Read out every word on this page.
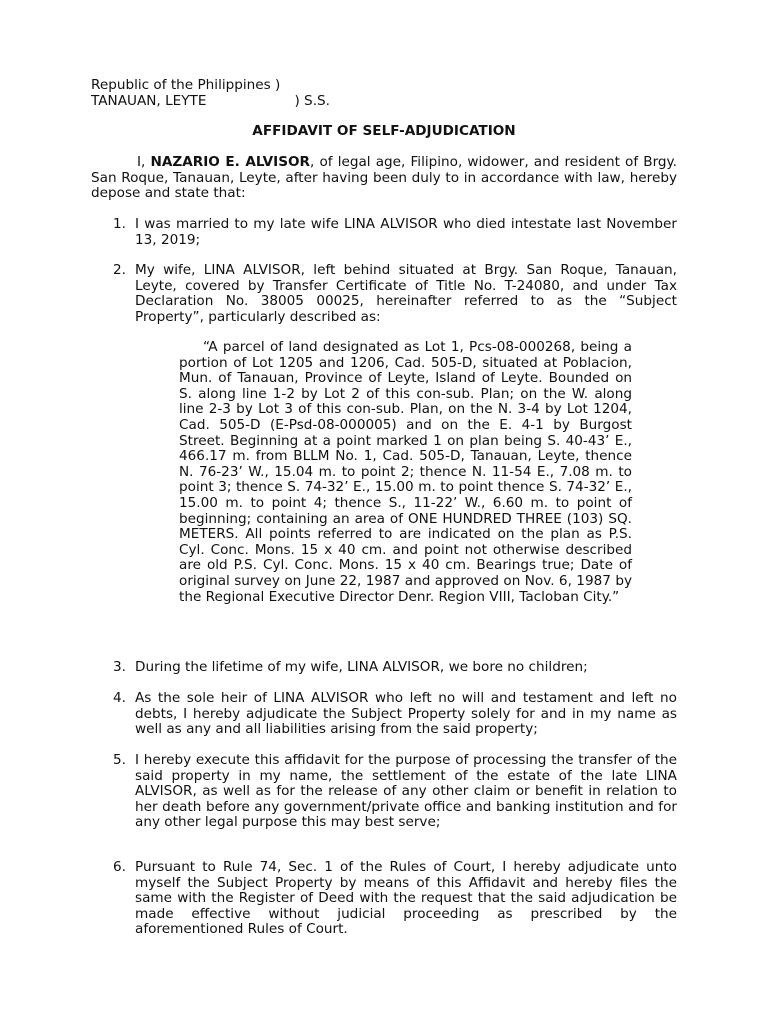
Republic of the Philippines )
TANAUAN, LEYTE	) S.S.
AFFIDAVIT OF SELF-ADJUDICATION
I, NAZARIO E. ALVISOR, of legal age, Filipino, widower, and resident of Brgy. San Roque, Tanauan, Leyte, after having been duly to in accordance with law, hereby depose and state that:
1. I was married to my late wife LINA ALVISOR who died intestate last November 13, 2019;
2. My wife, LINA ALVISOR, left behind situated at Brgy. San Roque, Tanauan, Leyte, covered by Transfer Certificate of Title No. T-24080, and under Tax Declaration No. 38005 00025, hereinafter referred to as the “Subject Property”, particularly described as:
“A parcel of land designated as Lot 1, Pcs-08-000268, being a portion of Lot 1205 and 1206, Cad. 505-D, situated at Poblacion, Mun. of Tanauan, Province of Leyte, Island of Leyte. Bounded on S. along line 1-2 by Lot 2 of this con-sub. Plan; on the W. along line 2-3 by Lot 3 of this con-sub. Plan, on the N. 3-4 by Lot 1204, Cad. 505-D (E-Psd-08-000005) and on the E. 4-1 by Burgost Street. Beginning at a point marked 1 on plan being S. 40-43’ E., 466.17 m. from BLLM No. 1, Cad. 505-D, Tanauan, Leyte, thence N. 76-23’ W., 15.04 m. to point 2; thence N. 11-54 E., 7.08 m. to point 3; thence S. 74-32’ E., 15.00 m. to point thence S. 74-32’ E., 15.00 m. to point 4; thence S., 11-22’ W., 6.60 m. to point of beginning; containing an area of ONE HUNDRED THREE (103) SQ. METERS. All points referred to are indicated on the plan as P.S. Cyl. Conc. Mons. 15 x 40 cm. and point not otherwise described are old P.S. Cyl. Conc. Mons. 15 x 40 cm. Bearings true; Date of original survey on June 22, 1987 and approved on Nov. 6, 1987 by the Regional Executive Director Denr. Region VIII, Tacloban City.”
3. During the lifetime of my wife, LINA ALVISOR, we bore no children;
4. As the sole heir of LINA ALVISOR who left no will and testament and left no debts, I hereby adjudicate the Subject Property solely for and in my name as well as any and all liabilities arising from the said property;
5. I hereby execute this affidavit for the purpose of processing the transfer of the said property in my name, the settlement of the estate of the late LINA ALVISOR, as well as for the release of any other claim or benefit in relation to her death before any government/private office and banking institution and for any other legal purpose this may best serve;
6. Pursuant to Rule 74, Sec. 1 of the Rules of Court, I hereby adjudicate unto myself the Subject Property by means of this Affidavit and hereby files the same with the Register of Deed with the request that the said adjudication be made effective without judicial proceeding as prescribed by the aforementioned Rules of Court.
